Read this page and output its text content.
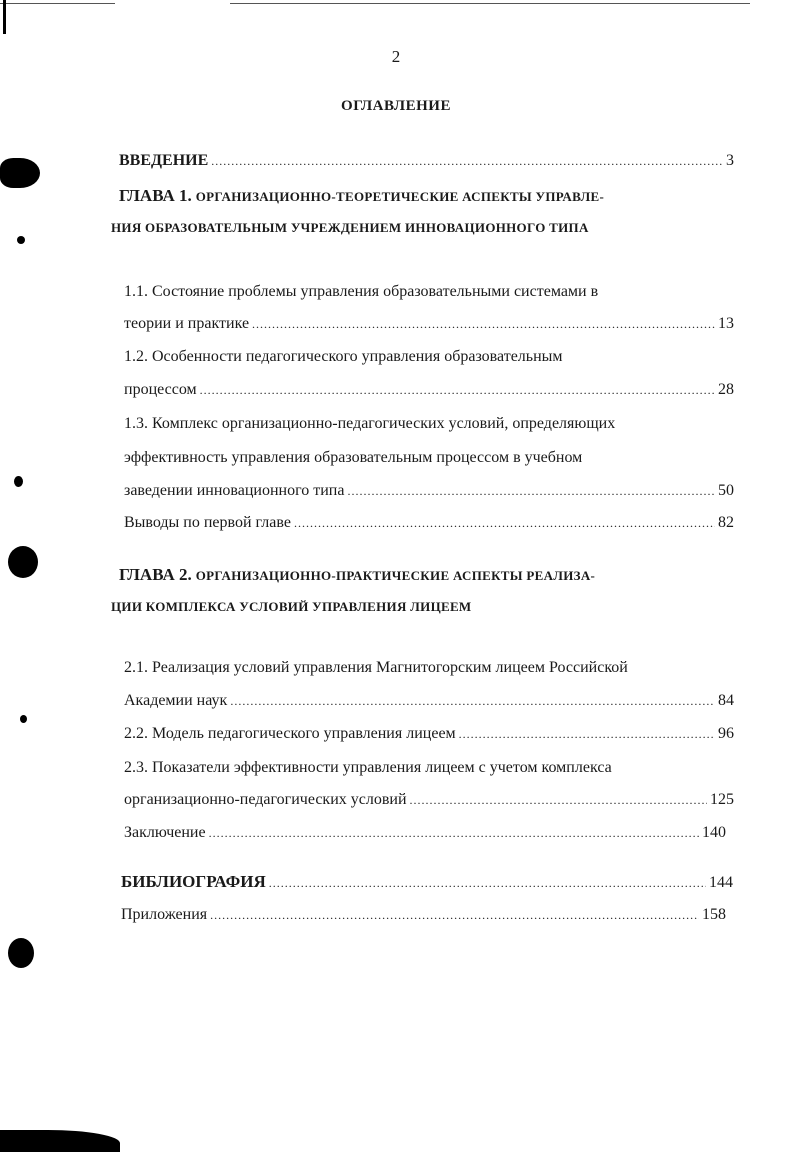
2
ОГЛАВЛЕНИЕ
ВВЕДЕНИЕ .....	3
ГЛАВА 1. ОРГАНИЗАЦИОННО-ТЕОРЕТИЧЕСКИЕ АСПЕКТЫ УПРАВЛЕ-
НИЯ ОБРАЗОВАТЕЛЬНЫМ УЧРЕЖДЕНИЕМ ИННОВАЦИОННОГО ТИПА
1.1. Состояние проблемы управления образовательными системами в
теории и практике .....	13
1.2. Особенности педагогического управления образовательным
процессом .....	28
1.3. Комплекс организационно-педагогических условий, определяющих
эффективность управления образовательным процессом в учебном
заведении инновационного типа .....	50
Выводы по первой главе .....	82
ГЛАВА 2. ОРГАНИЗАЦИОННО-ПРАКТИЧЕСКИЕ АСПЕКТЫ РЕАЛИЗА-
ЦИИ КОМПЛЕКСА УСЛОВИЙ УПРАВЛЕНИЯ ЛИЦЕЕМ
2.1. Реализация условий управления Магнитогорским лицеем Российской
Академии наук .....	84
2.2. Модель педагогического управления лицеем .....	96
2.3. Показатели эффективности управления лицеем с учетом комплекса
организационно-педагогических условий .....	125
Заключение .....	140
БИБЛИОГРАФИЯ .....	144
Приложения .....	158
